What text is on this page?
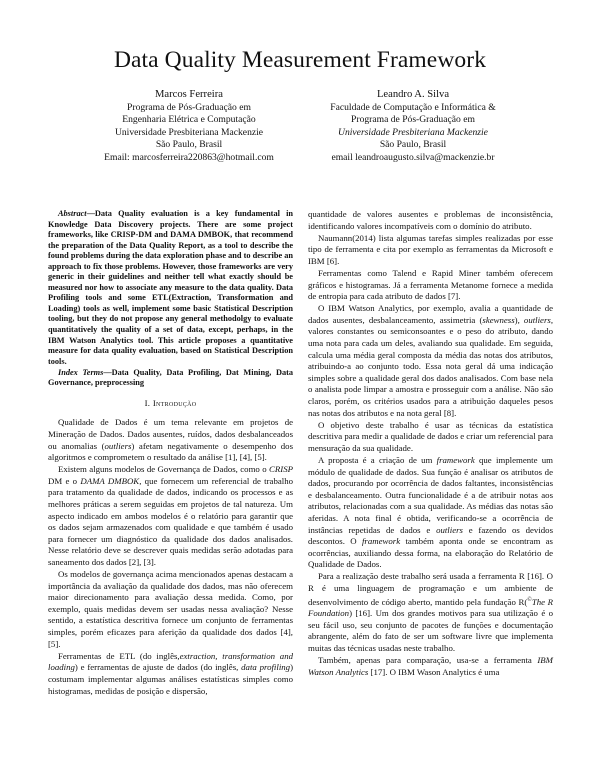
Data Quality Measurement Framework
Marcos Ferreira
Programa de Pós-Graduação em
Engenharia Elétrica e Computação
Universidade Presbiteriana Mackenzie
São Paulo, Brasil
Email: marcosferreira220863@hotmail.com
Leandro A. Silva
Faculdade de Computação e Informática &
Programa de Pós-Graduação em
Universidade Presbiteriana Mackenzie
São Paulo, Brasil
email leandroaugusto.silva@mackenzie.br

Abstract—Data Quality evaluation is a key fundamental in Knowledge Data Discovery projects. There are some project frameworks, like CRISP-DM and DAMA DMBOK, that recommend the preparation of the Data Quality Report, as a tool to describe the found problems during the data exploration phase and to describe an approach to fix those problems. However, those frameworks are very generic in their guidelines and neither tell what exactly should be measured nor how to associate any measure to the data quality. Data Profiling tools and some ETL(Extraction, Transformation and Loading) tools as well, implement some basic Statistical Description tooling, but they do not propose any general methodolgy to evaluate quantitatively the quality of a set of data, except, perhaps, in the IBM Watson Analytics tool. This article proposes a quantitative measure for data quality evaluation, based on Statistical Description tools.

Index Terms—Data Quality, Data Profiling, Dat Mining, Data Governance, preprocessing

I. Introdução

Qualidade de Dados é um tema relevante em projetos de Mineração de Dados. Dados ausentes, ruídos, dados desbalanceados ou anomalias (outliers) afetam negativamente o desempenho dos algoritmos e comprometem o resultado da análise [1], [4], [5].

Existem alguns modelos de Governança de Dados, como o CRISP DM e o DAMA DMBOK, que fornecem um referencial de trabalho para tratamento da qualidade de dados, indicando os processos e as melhores práticas a serem seguidas em projetos de tal natureza. Um aspecto indicado em ambos modelos é o relatório para garantir que os dados sejam armazenados com qualidade e que também é usado para fornecer um diagnóstico da qualidade dos dados analisados. Nesse relatório deve se descrever quais medidas serão adotadas para saneamento dos dados [2], [3].

Os modelos de governança acima mencionados apenas destacam a importância da avaliação da qualidade dos dados, mas não oferecem maior direcionamento para avaliação dessa medida. Como, por exemplo, quais medidas devem ser usadas nessa avaliação? Nesse sentido, a estatística descritiva fornece um conjunto de ferramentas simples, porém eficazes para aferição da qualidade dos dados [4], [5].

Ferramentas de ETL (do inglês,extraction, transformation and loading) e ferramentas de ajuste de dados (do inglês, data profiling) costumam implementar algumas análises estatísticas simples como histogramas, medidas de posição e dispersão,

quantidade de valores ausentes e problemas de inconsistência, identificando valores incompatíveis com o domínio do atributo.

Naumann(2014) lista algumas tarefas simples realizadas por esse tipo de ferramenta e cita por exemplo as ferramentas da Microsoft e IBM [6].

Ferramentas como Talend e Rapid Miner também oferecem gráficos e histogramas. Já a ferramenta Metanome fornece a medida de entropia para cada atributo de dados [7].

O IBM Watson Analytics, por exemplo, avalia a quantidade de dados ausentes, desbalanceamento, assimetria (skewness), outliers, valores constantes ou semiconsoantes e o peso do atributo, dando uma nota para cada um deles, avaliando sua qualidade. Em seguida, calcula uma média geral composta da média das notas dos atributos, atribuindo-a ao conjunto todo. Essa nota geral dá uma indicação simples sobre a qualidade geral dos dados analisados. Com base nela o analista pode limpar a amostra e prosseguir com a análise. Não são claros, porém, os critérios usados para a atribuição daqueles pesos nas notas dos atributos e na nota geral [8].

O objetivo deste trabalho é usar as técnicas da estatística descritiva para medir a qualidade de dados e criar um referencial para mensuração da sua qualidade.

A proposta é a criação de um framework que implemente um módulo de qualidade de dados. Sua função é analisar os atributos de dados, procurando por ocorrência de dados faltantes, inconsistências e desbalanceamento. Outra funcionalidade é a de atribuir notas aos atributos, relacionadas com a sua qualidade. As médias das notas são aferidas. A nota final é obtida, verificando-se a ocorrência de instâncias repetidas de dados e outliers e fazendo os devidos descontos. O framework também aponta onde se encontram as ocorrências, auxiliando dessa forma, na elaboração do Relatório de Qualidade de Dados.

Para a realização deste trabalho será usada a ferramenta R [16]. O R é uma linguagem de programação e um ambiente de desenvolvimento de código aberto, mantido pela fundação R(©The R Foundation) [16]. Um dos grandes motivos para sua utilização é o seu fácil uso, seu conjunto de pacotes de funções e documentação abrangente, além do fato de ser um software livre que implementa muitas das técnicas usadas neste trabalho.

Também, apenas para comparação, usa-se a ferramenta IBM Watson Analytics [17]. O IBM Wason Analytics é uma
